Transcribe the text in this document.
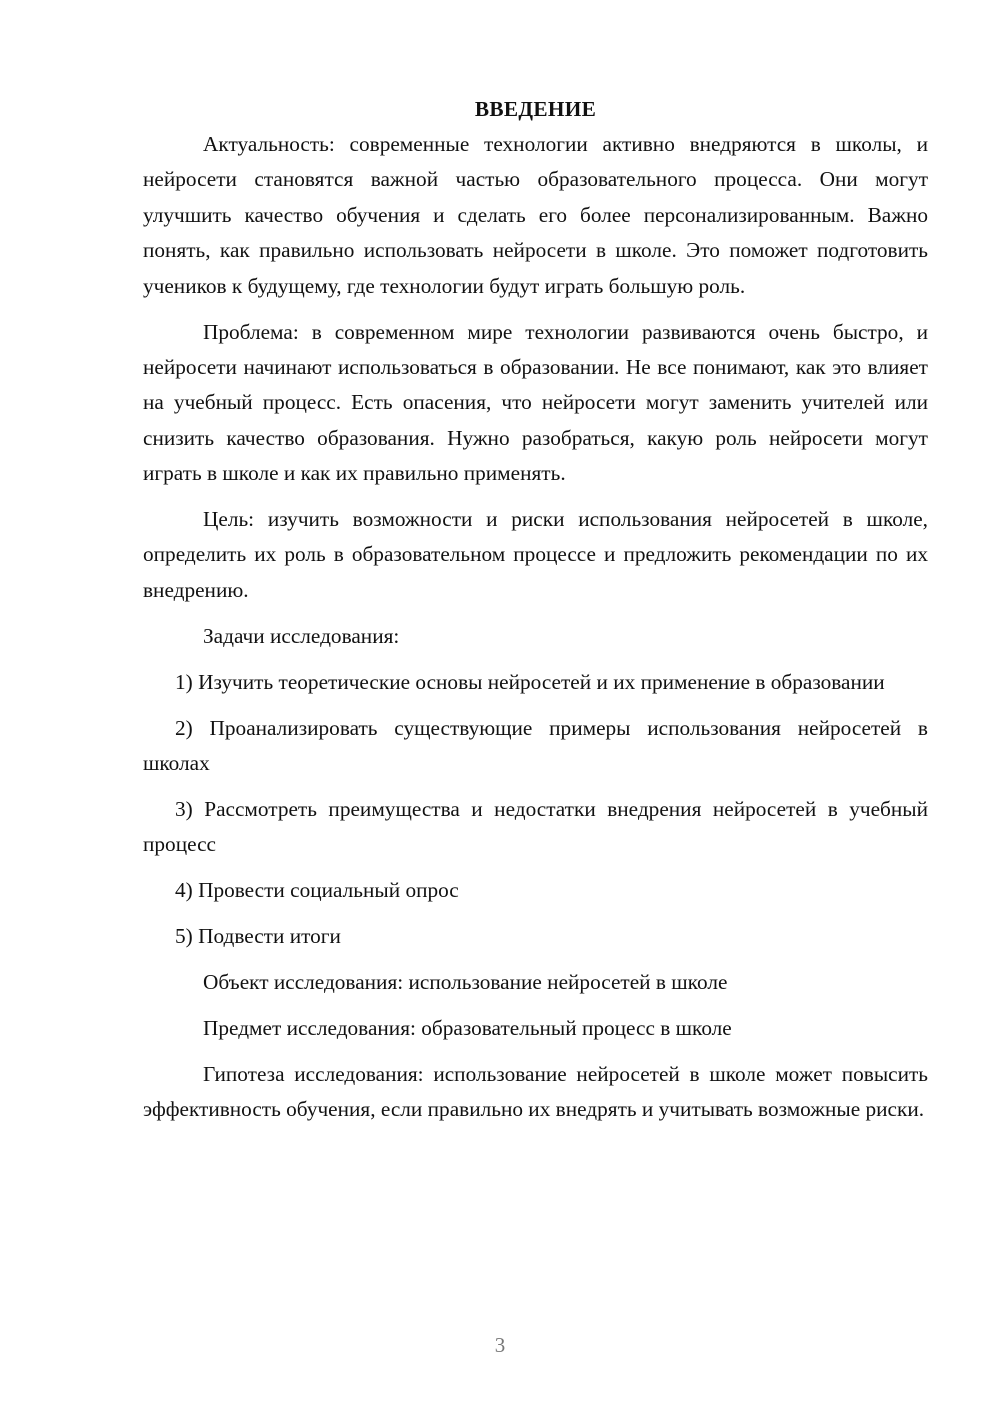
ВВЕДЕНИЕ

Актуальность: современные технологии активно внедряются в школы, и нейросети становятся важной частью образовательного процесса. Они могут улучшить качество обучения и сделать его более персонализированным. Важно понять, как правильно использовать нейросети в школе. Это поможет подготовить учеников к будущему, где технологии будут играть большую роль.

Проблема: в современном мире технологии развиваются очень быстро, и нейросети начинают использоваться в образовании. Не все понимают, как это влияет на учебный процесс. Есть опасения, что нейросети могут заменить учителей или снизить качество образования. Нужно разобраться, какую роль нейросети могут играть в школе и как их правильно применять.

Цель: изучить возможности и риски использования нейросетей в школе, определить их роль в образовательном процессе и предложить рекомендации по их внедрению.

Задачи исследования:

1) Изучить теоретические основы нейросетей и их применение в образовании
2) Проанализировать существующие примеры использования нейросетей в школах
3) Рассмотреть преимущества и недостатки внедрения нейросетей в учебный процесс
4) Провести социальный опрос
5) Подвести итоги

Объект исследования: использование нейросетей в школе

Предмет исследования: образовательный процесс в школе

Гипотеза исследования: использование нейросетей в школе может повысить эффективность обучения, если правильно их внедрять и учитывать возможные риски.

3
